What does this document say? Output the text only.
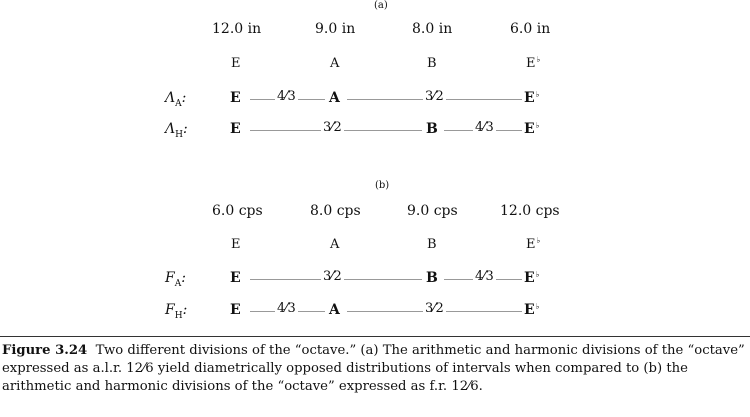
(a)
12.0 in	9.0 in	8.0 in	6.0 in
E	A	B	E♭
$\Lambda_A$:	E	4⁄3 A	3⁄2	E♭
$\Lambda_H$:	E	3⁄2	B	4⁄3 E♭
(b)
6.0 cps	8.0 cps	9.0 cps	12.0 cps
E	A	B	E♭
$F_A$:	E	3⁄2	B	4⁄3 E♭
$F_H$:	E	4⁄3 A	3⁄2	E♭
Figure 3.24 Two different divisions of the “octave.” (a) The arithmetic and harmonic divisions of the “octave” expressed as a.l.r. 12⁄6 yield diametrically opposed distributions of intervals when compared to (b) the arithmetic and harmonic divisions of the “octave” expressed as f.r. 12⁄6.
